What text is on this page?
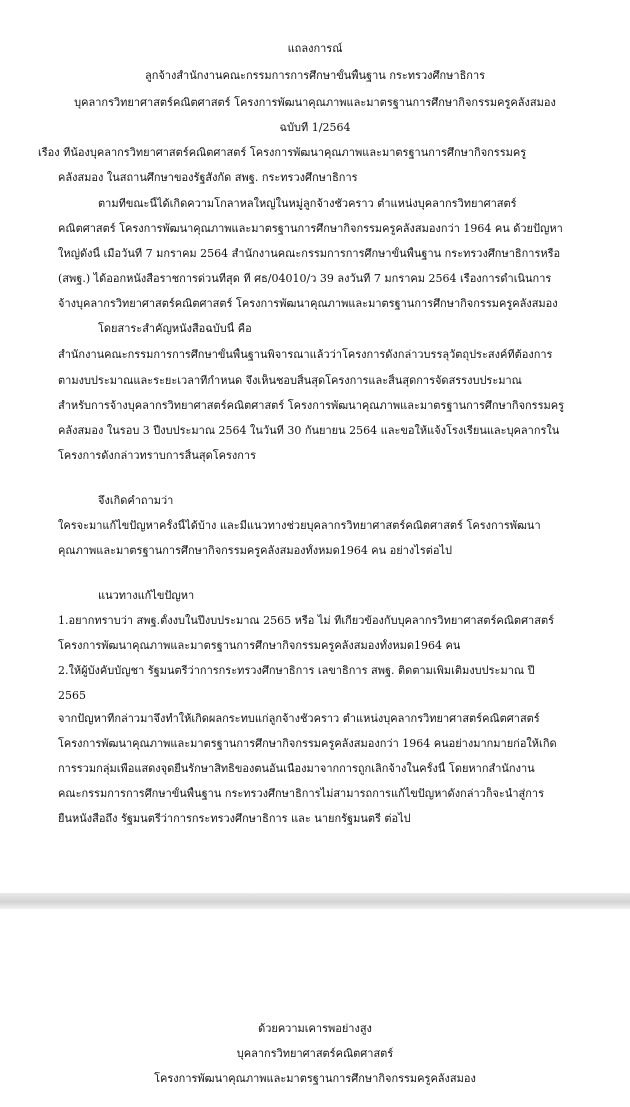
แถลงการณ์
ลูกจ้างสำนักงานคณะกรรมการการศึกษาขั้นพื้นฐาน กระทรวงศึกษาธิการ
บุคลากรวิทยาศาสตร์คณิตศาสตร์ โครงการพัฒนาคุณภาพและมาตรฐานการศึกษากิจกรรมครูคลังสมอง
ฉบับที่ 1/2564
เรื่อง ที่น้องบุคลากรวิทยาศาสตร์คณิตศาสตร์ โครงการพัฒนาคุณภาพและมาตรฐานการศึกษากิจกรรมครู
คลังสมอง ในสถานศึกษาของรัฐสังกัด สพฐ. กระทรวงศึกษาธิการ
ตามที่ขณะนี้ได้เกิดความโกลาหลใหญ่ในหมู่ลูกจ้างชั่วคราว ตำแหน่งบุคลากรวิทยาศาสตร์
คณิตศาสตร์ โครงการพัฒนาคุณภาพและมาตรฐานการศึกษากิจกรรมครูคลังสมองกว่า 1964 คน ด้วยปัญหา
ใหญ่ดังนี้ เมื่อวันที่ 7 มกราคม 2564 สำนักงานคณะกรรมการการศึกษาขั้นพื้นฐาน กระทรวงศึกษาธิการหรือ
(สพฐ.) ได้ออกหนังสือราชการด่วนที่สุด ที่ ศธ/04010/ว 39 ลงวันที่ 7 มกราคม 2564 เรื่องการดำเนินการ
จ้างบุคลากรวิทยาศาสตร์คณิตศาสตร์ โครงการพัฒนาคุณภาพและมาตรฐานการศึกษากิจกรรมครูคลังสมอง
โดยสาระสำคัญหนังสือฉบับนี้ คือ
สำนักงานคณะกรรมการการศึกษาขั้นพื้นฐานพิจารณาแล้วว่าโครงการดังกล่าวบรรลุวัตถุประสงค์ที่ต้องการ
ตามงบประมาณและระยะเวลาที่กำหนด จึงเห็นชอบสิ้นสุดโครงการและสิ้นสุดการจัดสรรงบประมาณ
สำหรับการจ้างบุคลากรวิทยาศาสตร์คณิตศาสตร์ โครงการพัฒนาคุณภาพและมาตรฐานการศึกษากิจกรรมครู
คลังสมอง ในรอบ 3 ปีงบประมาณ 2564 ในวันที่ 30 กันยายน 2564 และขอให้แจ้งโรงเรียนและบุคลากรใน
โครงการดังกล่าวทราบการสิ้นสุดโครงการ
จึงเกิดคำถามว่า
ใครจะมาแก้ไขปัญหาครั้งนี้ได้บ้าง และมีแนวทางช่วยบุคลากรวิทยาศาสตร์คณิตศาสตร์ โครงการพัฒนา
คุณภาพและมาตรฐานการศึกษากิจกรรมครูคลังสมองทั้งหมด1964 คน อย่างไรต่อไป
แนวทางแก้ไขปัญหา
1.อยากทราบว่า สพฐ.ตั้งงบในปีงบประมาณ 2565 หรือ ไม่ ที่เกี่ยวข้องกับบุคลากรวิทยาศาสตร์คณิตศาสตร์
โครงการพัฒนาคุณภาพและมาตรฐานการศึกษากิจกรรมครูคลังสมองทั้งหมด1964 คน
2.ให้ผู้บังคับบัญชา รัฐมนตรีว่าการกระทรวงศึกษาธิการ เลขาธิการ สพฐ. ติดตามเพิ่มเติมงบประมาณ ปี
2565
จากปัญหาที่กล่าวมาจึงทำให้เกิดผลกระทบแก่ลูกจ้างชั่วคราว ตำแหน่งบุคลากรวิทยาศาสตร์คณิตศาสตร์
โครงการพัฒนาคุณภาพและมาตรฐานการศึกษากิจกรรมครูคลังสมองกว่า 1964 คนอย่างมากมายก่อให้เกิด
การรวมกลุ่มเพื่อแสดงจุดยืนรักษาสิทธิของตนอันเนื่องมาจากการถูกเลิกจ้างในครั้งนี้ โดยหากสำนักงาน
คณะกรรมการการศึกษาขั้นพื้นฐาน กระทรวงศึกษาธิการไม่สามารถการแก้ไขปัญหาดังกล่าวก็จะนำสู่การ
ยื่นหนังสือถึง รัฐมนตรีว่าการกระทรวงศึกษาธิการ และ นายกรัฐมนตรี ต่อไป
ด้วยความเคารพอย่างสูง
บุคลากรวิทยาศาสตร์คณิตศาสตร์
โครงการพัฒนาคุณภาพและมาตรฐานการศึกษากิจกรรมครูคลังสมอง
